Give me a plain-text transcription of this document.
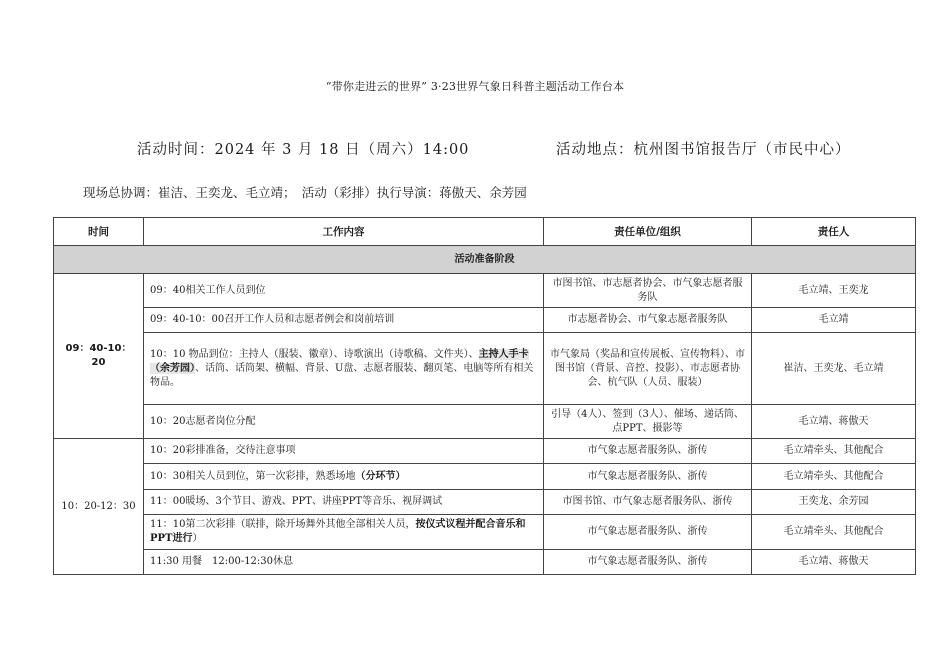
“带你走进云的世界” 3·23世界气象日科普主题活动工作台本
活动时间：2024 年 3 月 18 日（周六）14:00	活动地点：杭州图书馆报告厅（市民中心）
现场总协调：崔洁、王奕龙、毛立靖；　活动（彩排）执行导演：蒋傲天、余芳园
时间	工作内容	责任单位/组织	责任人
活动准备阶段			
09：40-10：20	09：40相关工作人员到位	市图书馆、市志愿者协会、市气象志愿者服务队	毛立靖、王奕龙
	09：40-10：00召开工作人员和志愿者例会和岗前培训	市志愿者协会、市气象志愿者服务队	毛立靖
	10：10 物品到位：主持人（服装、徽章）、诗歌演出（诗歌稿、文件夹）、主持人手卡（余芳园）、话筒、话筒架、横幅、背景、U盘、志愿者服装、翻页笔、电脑等所有相关物品。	市气象局（奖品和宣传展板、宣传物料）、市图书馆（背景、音控、投影）、市志愿者协会、杭气队（人员、服装）	崔洁、王奕龙、毛立靖
	10：20志愿者岗位分配	引导（4人）、签到（3人）、催场、递话筒、点PPT、摄影等	毛立靖、蒋傲天
10：20-12：30	10：20彩排准备，交待注意事项	市气象志愿者服务队、浙传	毛立靖牵头、其他配合
	10：30相关人员到位，第一次彩排，熟悉场地（分环节）	市气象志愿者服务队、浙传	毛立靖牵头、其他配合
	11：00暖场、3个节目、游戏、PPT、讲座PPT等音乐、视屏调试	市图书馆、市气象志愿者服务队、浙传	王奕龙、余芳园
	11：10第二次彩排（联排，除开场舞外其他全部相关人员，按仪式议程并配合音乐和PPT进行）	市气象志愿者服务队、浙传	毛立靖牵头、其他配合
	11:30 用餐　12:00-12:30休息	市气象志愿者服务队、浙传	毛立靖、蒋傲天
